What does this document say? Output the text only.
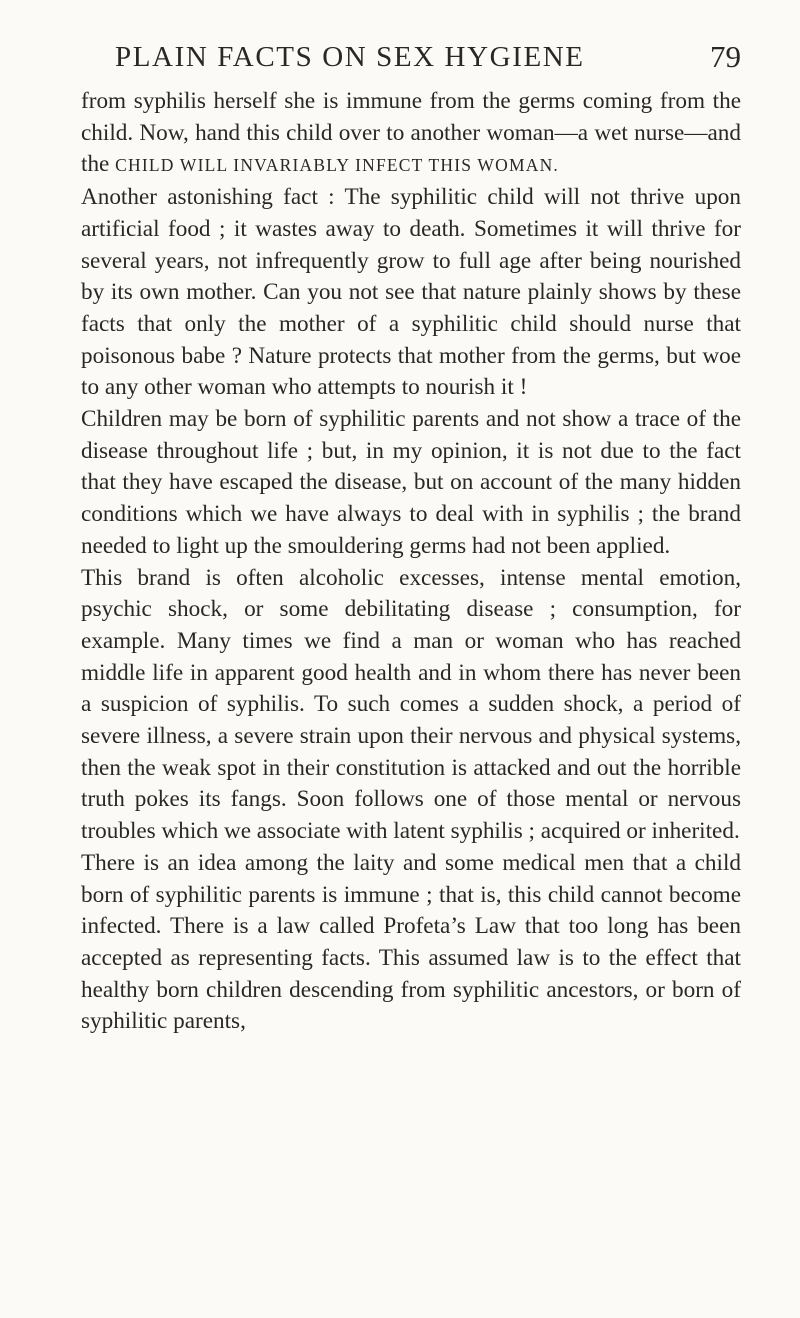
PLAIN FACTS ON SEX HYGIENE	79

from syphilis herself she is immune from the germs coming from the child. Now, hand this child over to another woman—a wet nurse—and the CHILD WILL INVARIABLY INFECT THIS WOMAN.

Another astonishing fact : The syphilitic child will not thrive upon artificial food ; it wastes away to death. Sometimes it will thrive for several years, not infrequently grow to full age after being nourished by its own mother. Can you not see that nature plainly shows by these facts that only the mother of a syphilitic child should nurse that poisonous babe ? Nature protects that mother from the germs, but woe to any other woman who attempts to nourish it !

Children may be born of syphilitic parents and not show a trace of the disease throughout life ; but, in my opinion, it is not due to the fact that they have escaped the disease, but on account of the many hidden conditions which we have always to deal with in syphilis ; the brand needed to light up the smouldering germs had not been applied.

This brand is often alcoholic excesses, intense mental emotion, psychic shock, or some debilitating disease ; consumption, for example. Many times we find a man or woman who has reached middle life in apparent good health and in whom there has never been a suspicion of syphilis. To such comes a sudden shock, a period of severe illness, a severe strain upon their nervous and physical systems, then the weak spot in their constitution is attacked and out the horrible truth pokes its fangs. Soon follows one of those mental or nervous troubles which we associate with latent syphilis ; acquired or inherited.

There is an idea among the laity and some medical men that a child born of syphilitic parents is immune ; that is, this child cannot become infected. There is a law called Profeta’s Law that too long has been accepted as representing facts. This assumed law is to the effect that healthy born children descending from syphilitic ancestors, or born of syphilitic parents,
